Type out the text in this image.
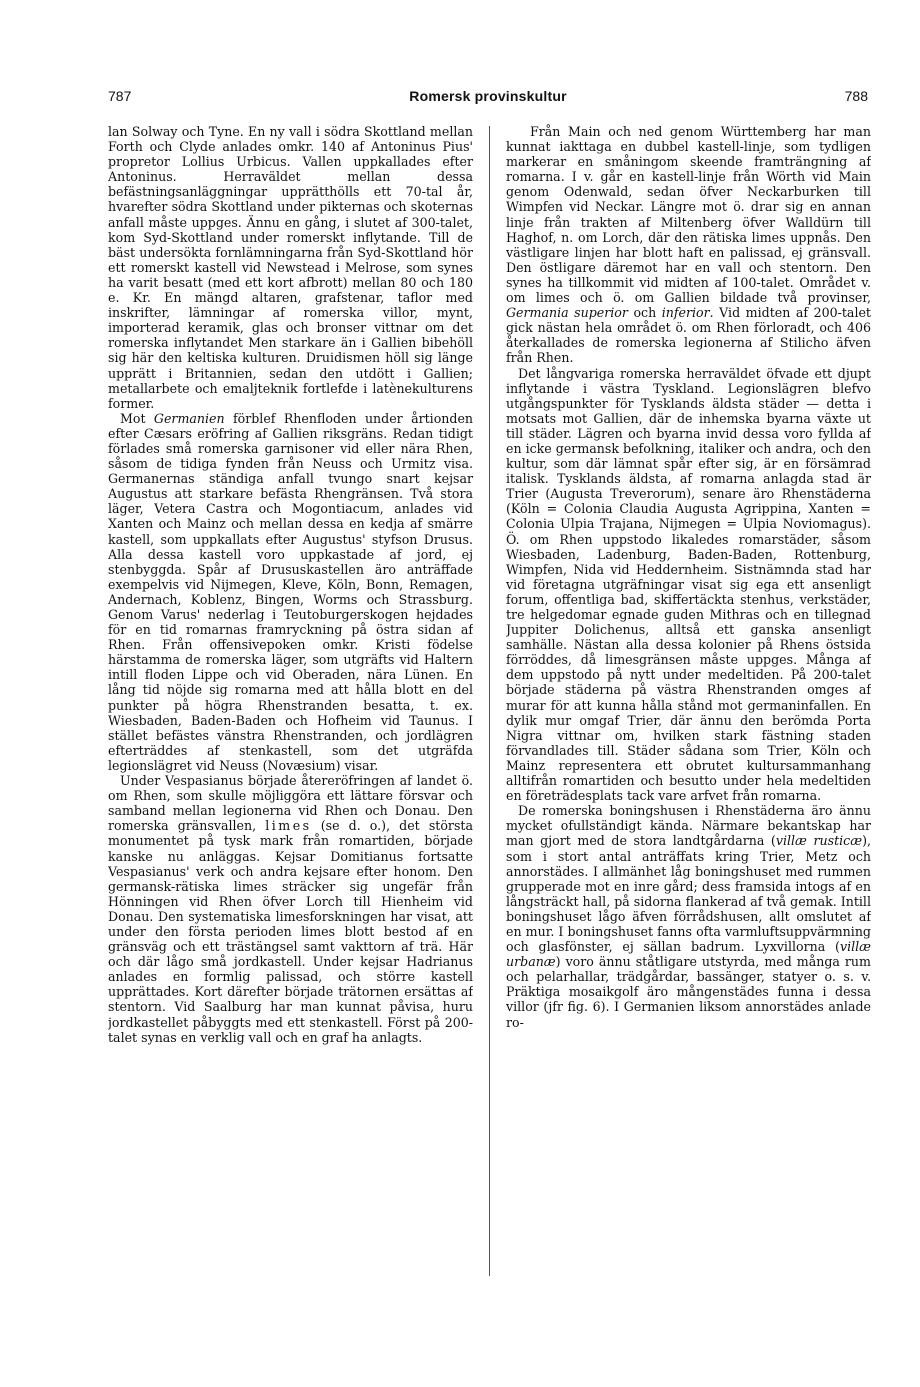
787	Romersk provinskultur	788

lan Solway och Tyne. En ny vall i södra Skottland mellan Forth och Clyde anlades omkr. 140 af Antoninus Pius' propretor Lollius Urbicus. Vallen uppkallades efter Antoninus. Herraväldet mellan dessa befästningsanläggningar upprätthölls ett 70-tal år, hvarefter södra Skottland under pikternas och skoternas anfall måste uppges. Ännu en gång, i slutet af 300-talet, kom Syd-Skottland under romerskt inflytande. Till de bäst undersökta fornlämningarna från Syd-Skottland hör ett romerskt kastell vid Newstead i Melrose, som synes ha varit besatt (med ett kort afbrott) mellan 80 och 180 e. Kr. En mängd altaren, grafstenar, taflor med inskrifter, lämningar af romerska villor, mynt, importerad keramik, glas och bronser vittnar om det romerska inflytandet Men starkare än i Gallien bibehöll sig här den keltiska kulturen. Druidismen höll sig länge upprätt i Britannien, sedan den utdött i Gallien; metallarbete och emaljteknik fortlefde i latènekulturens former.

Mot Germanien förblef Rhenfloden under årtionden efter Cæsars eröfring af Gallien riksgräns. Redan tidigt förlades små romerska garnisoner vid eller nära Rhen, såsom de tidiga fynden från Neuss och Urmitz visa. Germanernas ständiga anfall tvungo snart kejsar Augustus att starkare befästa Rhengränsen. Två stora läger, Vetera Castra och Mogontiacum, anlades vid Xanten och Mainz och mellan dessa en kedja af smärre kastell, som uppkallats efter Augustus' styfson Drusus. Alla dessa kastell voro uppkastade af jord, ej stenbyggda. Spår af Drususkastellen äro anträffade exempelvis vid Nijmegen, Kleve, Köln, Bonn, Remagen, Andernach, Koblenz, Bingen, Worms och Strassburg. Genom Varus' nederlag i Teutoburgerskogen hejdades för en tid romarnas framryckning på östra sidan af Rhen. Från offensivepoken omkr. Kristi födelse härstamma de romerska läger, som utgräfts vid Haltern intill floden Lippe och vid Oberaden, nära Lünen. En lång tid nöjde sig romarna med att hålla blott en del punkter på högra Rhenstranden besatta, t. ex. Wiesbaden, Baden-Baden och Hofheim vid Taunus. I stället befästes vänstra Rhenstranden, och jordlägren efterträddes af stenkastell, som det utgräfda legionslägret vid Neuss (Novæsium) visar.

Under Vespasianus började återeröfringen af landet ö. om Rhen, som skulle möjliggöra ett lättare försvar och samband mellan legionerna vid Rhen och Donau. Den romerska gränsvallen, limes (se d. o.), det största monumentet på tysk mark från romartiden, började kanske nu anläggas. Kejsar Domitianus fortsatte Vespasianus' verk och andra kejsare efter honom. Den germansk-rätiska limes sträcker sig ungefär från Hönningen vid Rhen öfver Lorch till Hienheim vid Donau. Den systematiska limesforskningen har visat, att under den första perioden limes blott bestod af en gränsväg och ett trästängsel samt vakttorn af trä. Här och där lågo små jordkastell. Under kejsar Hadrianus anlades en formlig palissad, och större kastell upprättades. Kort därefter började trätornen ersättas af stentorn. Vid Saalburg har man kunnat påvisa, huru jordkastellet påbyggts med ett stenkastell. Först på 200-talet synas en verklig vall och en graf ha anlagts.

Från Main och ned genom Württemberg har man kunnat iakttaga en dubbel kastell-linje, som tydligen markerar en småningom skeende framträngning af romarna. I v. går en kastell-linje från Wörth vid Main genom Odenwald, sedan öfver Neckarburken till Wimpfen vid Neckar. Längre mot ö. drar sig en annan linje från trakten af Miltenberg öfver Walldürn till Haghof, n. om Lorch, där den rätiska limes uppnås. Den västligare linjen har blott haft en palissad, ej gränsvall. Den östligare däremot har en vall och stentorn. Den synes ha tillkommit vid midten af 100-talet. Området v. om limes och ö. om Gallien bildade två provinser, Germania superior och inferior. Vid midten af 200-talet gick nästan hela området ö. om Rhen förloradt, och 406 återkallades de romerska legionerna af Stilicho äfven från Rhen.

Det långvariga romerska herraväldet öfvade ett djupt inflytande i västra Tyskland. Legionslägren blefvo utgångspunkter för Tysklands äldsta städer — detta i motsats mot Gallien, där de inhemska byarna växte ut till städer. Lägren och byarna invid dessa voro fyllda af en icke germansk befolkning, italiker och andra, och den kultur, som där lämnat spår efter sig, är en försämrad italisk. Tysklands äldsta, af romarna anlagda stad är Trier (Augusta Treverorum), senare äro Rhenstäderna (Köln = Colonia Claudia Augusta Agrippina, Xanten = Colonia Ulpia Trajana, Nijmegen = Ulpia Noviomagus). Ö. om Rhen uppstodo likaledes romarstäder, såsom Wiesbaden, Ladenburg, Baden-Baden, Rottenburg, Wimpfen, Nida vid Heddernheim. Sistnämnda stad har vid företagna utgräfningar visat sig ega ett ansenligt forum, offentliga bad, skiffertäckta stenhus, verkstäder, tre helgedomar egnade guden Mithras och en tillegnad Juppiter Dolichenus, alltså ett ganska ansenligt samhälle. Nästan alla dessa kolonier på Rhens östsida förröddes, då limesgränsen måste uppges. Många af dem uppstodo på nytt under medeltiden. På 200-talet började städerna på västra Rhenstranden omges af murar för att kunna hålla stånd mot germaninfallen. En dylik mur omgaf Trier, där ännu den berömda Porta Nigra vittnar om, hvilken stark fästning staden förvandlades till. Städer sådana som Trier, Köln och Mainz representera ett obrutet kultursammanhang alltifrån romartiden och besutto under hela medeltiden en företrädesplats tack vare arfvet från romarna.

De romerska boningshusen i Rhenstäderna äro ännu mycket ofullständigt kända. Närmare bekantskap har man gjort med de stora landtgårdarna (villæ rusticæ), som i stort antal anträffats kring Trier, Metz och annorstädes. I allmänhet låg boningshuset med rummen grupperade mot en inre gård; dess framsida intogs af en långsträckt hall, på sidorna flankerad af två gemak. Intill boningshuset lågo äfven förrådshusen, allt omslutet af en mur. I boningshuset fanns ofta varmluftsuppvärmning och glasfönster, ej sällan badrum. Lyxvillorna (villæ urbanæ) voro ännu ståtligare utstyrda, med många rum och pelarhallar, trädgårdar, bassänger, statyer o. s. v. Präktiga mosaikgolf äro mångenstädes funna i dessa villor (jfr fig. 6). I Germanien liksom annorstädes anlade ro-
